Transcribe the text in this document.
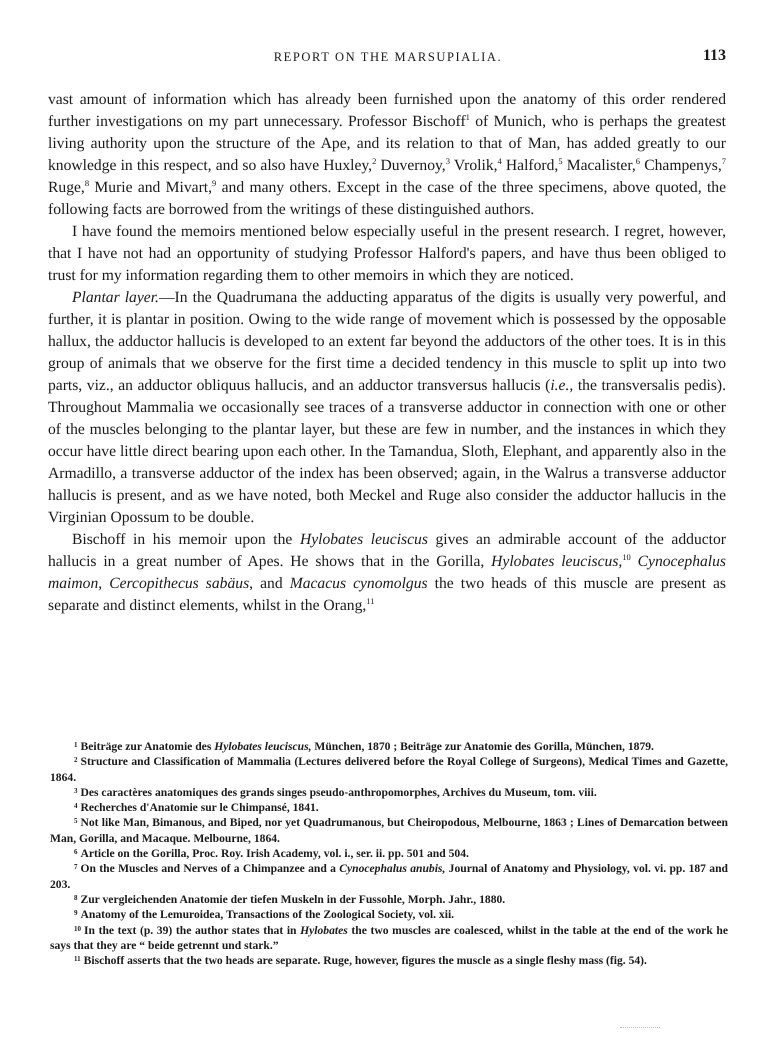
REPORT ON THE MARSUPIALIA.	113

vast amount of information which has already been furnished upon the anatomy of this order rendered further investigations on my part unnecessary. Professor Bischoff$^1$ of Munich, who is perhaps the greatest living authority upon the structure of the Ape, and its relation to that of Man, has added greatly to our knowledge in this respect, and so also have Huxley,$^2$ Duvernoy,$^3$ Vrolik,$^4$ Halford,$^5$ Macalister,$^6$ Champenys,$^7$ Ruge,$^8$ Murie and Mivart,$^9$ and many others. Except in the case of the three specimens, above quoted, the following facts are borrowed from the writings of these distinguished authors.

I have found the memoirs mentioned below especially useful in the present research. I regret, however, that I have not had an opportunity of studying Professor Halford's papers, and have thus been obliged to trust for my information regarding them to other memoirs in which they are noticed.

Plantar layer.—In the Quadrumana the adducting apparatus of the digits is usually very powerful, and further, it is plantar in position. Owing to the wide range of movement which is possessed by the opposable hallux, the adductor hallucis is developed to an extent far beyond the adductors of the other toes. It is in this group of animals that we observe for the first time a decided tendency in this muscle to split up into two parts, viz., an adductor obliquus hallucis, and an adductor transversus hallucis (i.e., the transversalis pedis). Throughout Mammalia we occasionally see traces of a transverse adductor in connection with one or other of the muscles belonging to the plantar layer, but these are few in number, and the instances in which they occur have little direct bearing upon each other. In the Tamandua, Sloth, Elephant, and apparently also in the Armadillo, a transverse adductor of the index has been observed; again, in the Walrus a transverse adductor hallucis is present, and as we have noted, both Meckel and Ruge also consider the adductor hallucis in the Virginian Opossum to be double.

Bischoff in his memoir upon the Hylobates leuciscus gives an admirable account of the adductor hallucis in a great number of Apes. He shows that in the Gorilla, Hylobates leuciscus,$^{10}$ Cynocephalus maimon, Cercopithecus sabäus, and Macacus cynomolgus the two heads of this muscle are present as separate and distinct elements, whilst in the Orang,$^{11}$

$^1$ Beiträge zur Anatomie des Hylobates leuciscus, München, 1870 ; Beiträge zur Anatomie des Gorilla, München, 1879.

$^2$ Structure and Classification of Mammalia (Lectures delivered before the Royal College of Surgeons), Medical Times and Gazette, 1864.

$^3$ Des caractères anatomiques des grands singes pseudo-anthropomorphes, Archives du Museum, tom. viii.

$^4$ Recherches d'Anatomie sur le Chimpansé, 1841.

$^5$ Not like Man, Bimanous, and Biped, nor yet Quadrumanous, but Cheiropodous, Melbourne, 1863 ; Lines of Demarcation between Man, Gorilla, and Macaque. Melbourne, 1864.

$^6$ Article on the Gorilla, Proc. Roy. Irish Academy, vol. i., ser. ii. pp. 501 and 504.

$^7$ On the Muscles and Nerves of a Chimpanzee and a Cynocephalus anubis, Journal of Anatomy and Physiology, vol. vi. pp. 187 and 203.

$^8$ Zur vergleichenden Anatomie der tiefen Muskeln in der Fussohle, Morph. Jahr., 1880.

$^9$ Anatomy of the Lemuroidea, Transactions of the Zoological Society, vol. xii.

$^{10}$ In the text (p. 39) the author states that in Hylobates the two muscles are coalesced, whilst in the table at the end of the work he says that they are “ beide getrennt und stark.”

$^{11}$ Bischoff asserts that the two heads are separate. Ruge, however, figures the muscle as a single fleshy mass (fig. 54).
